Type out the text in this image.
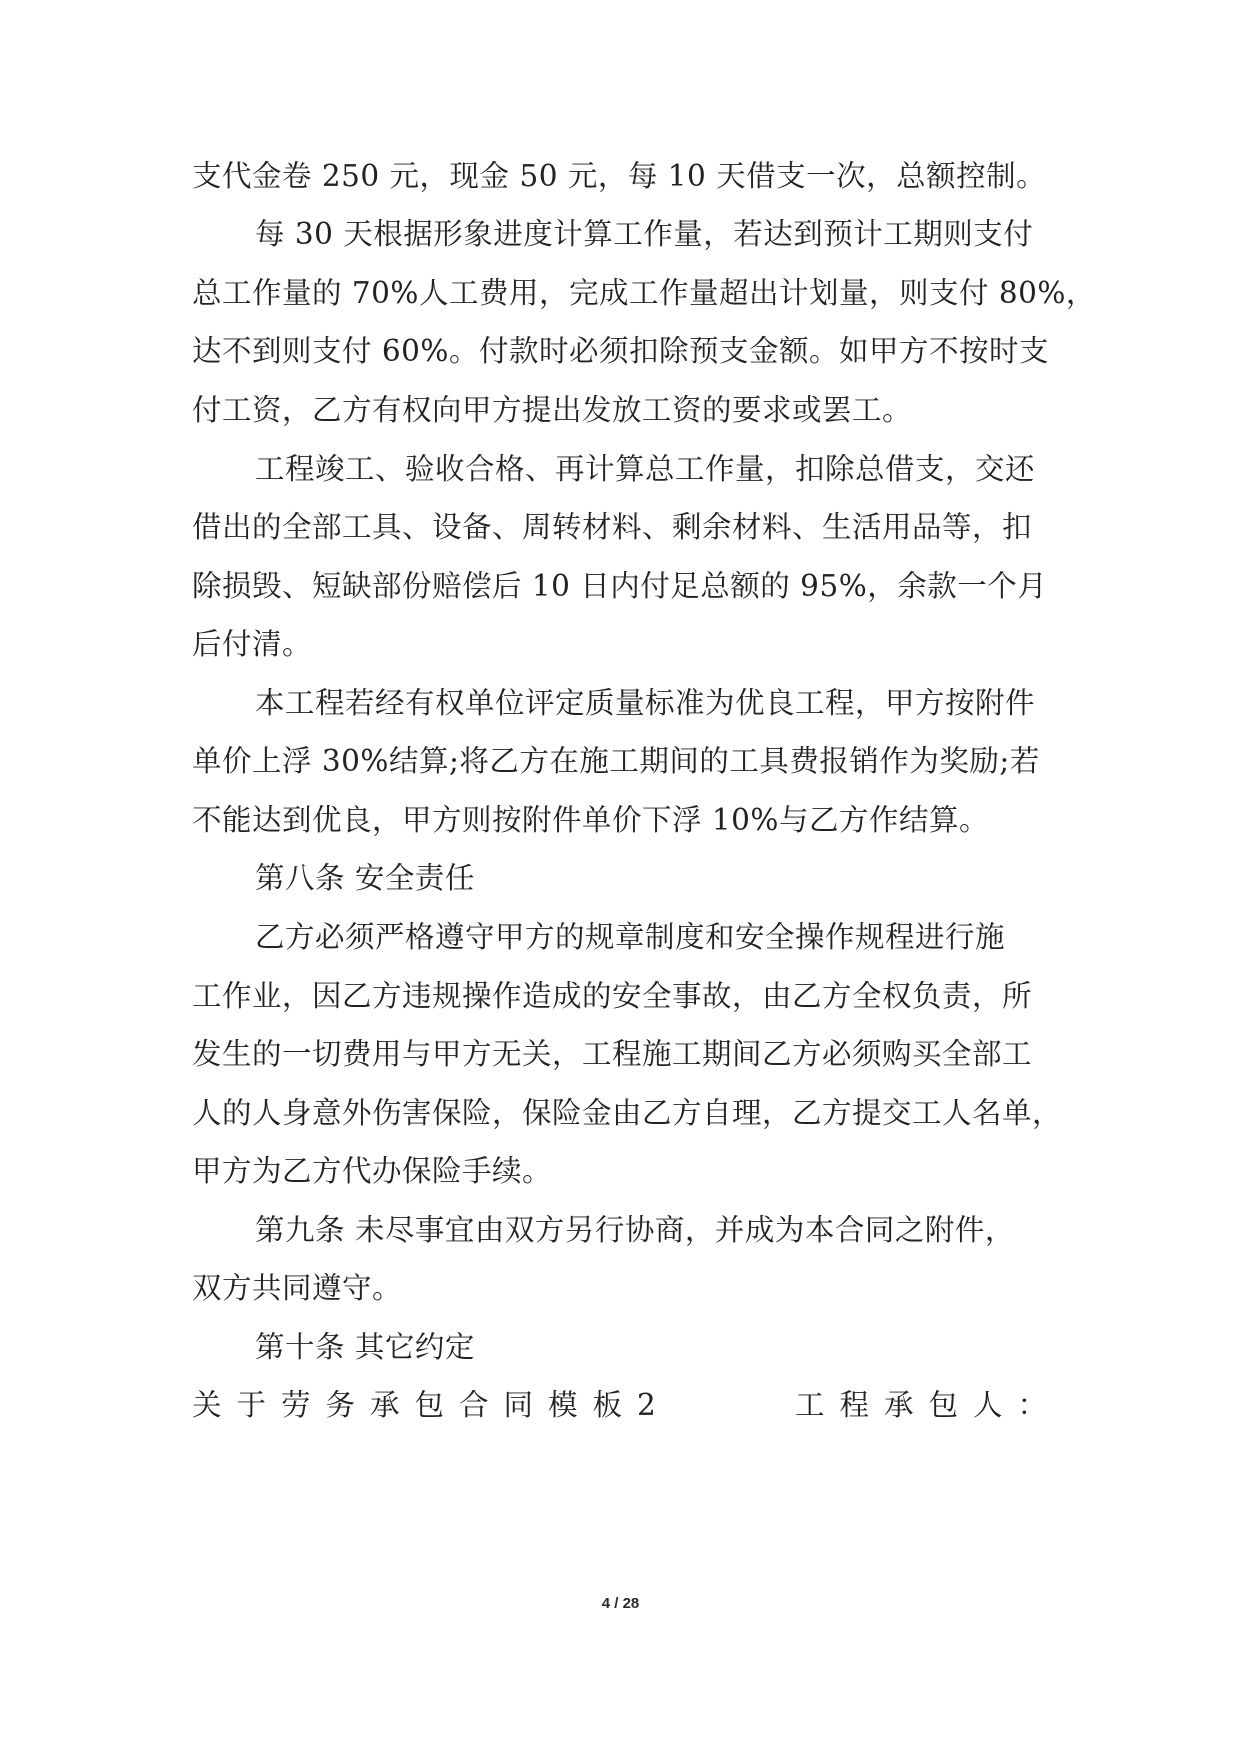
支代金卷 250 元，现金 50 元，每 10 天借支一次，总额控制。
每 30 天根据形象进度计算工作量，若达到预计工期则支付
总工作量的 70%人工费用，完成工作量超出计划量，则支付 80%，
达不到则支付 60%。付款时必须扣除预支金额。如甲方不按时支
付工资，乙方有权向甲方提出发放工资的要求或罢工。
工程竣工、验收合格、再计算总工作量，扣除总借支，交还
借出的全部工具、设备、周转材料、剩余材料、生活用品等，扣
除损毁、短缺部份赔偿后 10 日内付足总额的 95%，余款一个月
后付清。
本工程若经有权单位评定质量标准为优良工程，甲方按附件
单价上浮 30%结算;将乙方在施工期间的工具费报销作为奖励;若
不能达到优良，甲方则按附件单价下浮 10%与乙方作结算。
第八条 安全责任
乙方必须严格遵守甲方的规章制度和安全操作规程进行施
工作业，因乙方违规操作造成的安全事故，由乙方全权负责，所
发生的一切费用与甲方无关，工程施工期间乙方必须购买全部工
人的人身意外伤害保险，保险金由乙方自理，乙方提交工人名单，
甲方为乙方代办保险手续。
第九条 未尽事宜由双方另行协商，并成为本合同之附件，
双方共同遵守。
第十条 其它约定
关于劳务承包合同模板2	工程承包人：
4 / 28
